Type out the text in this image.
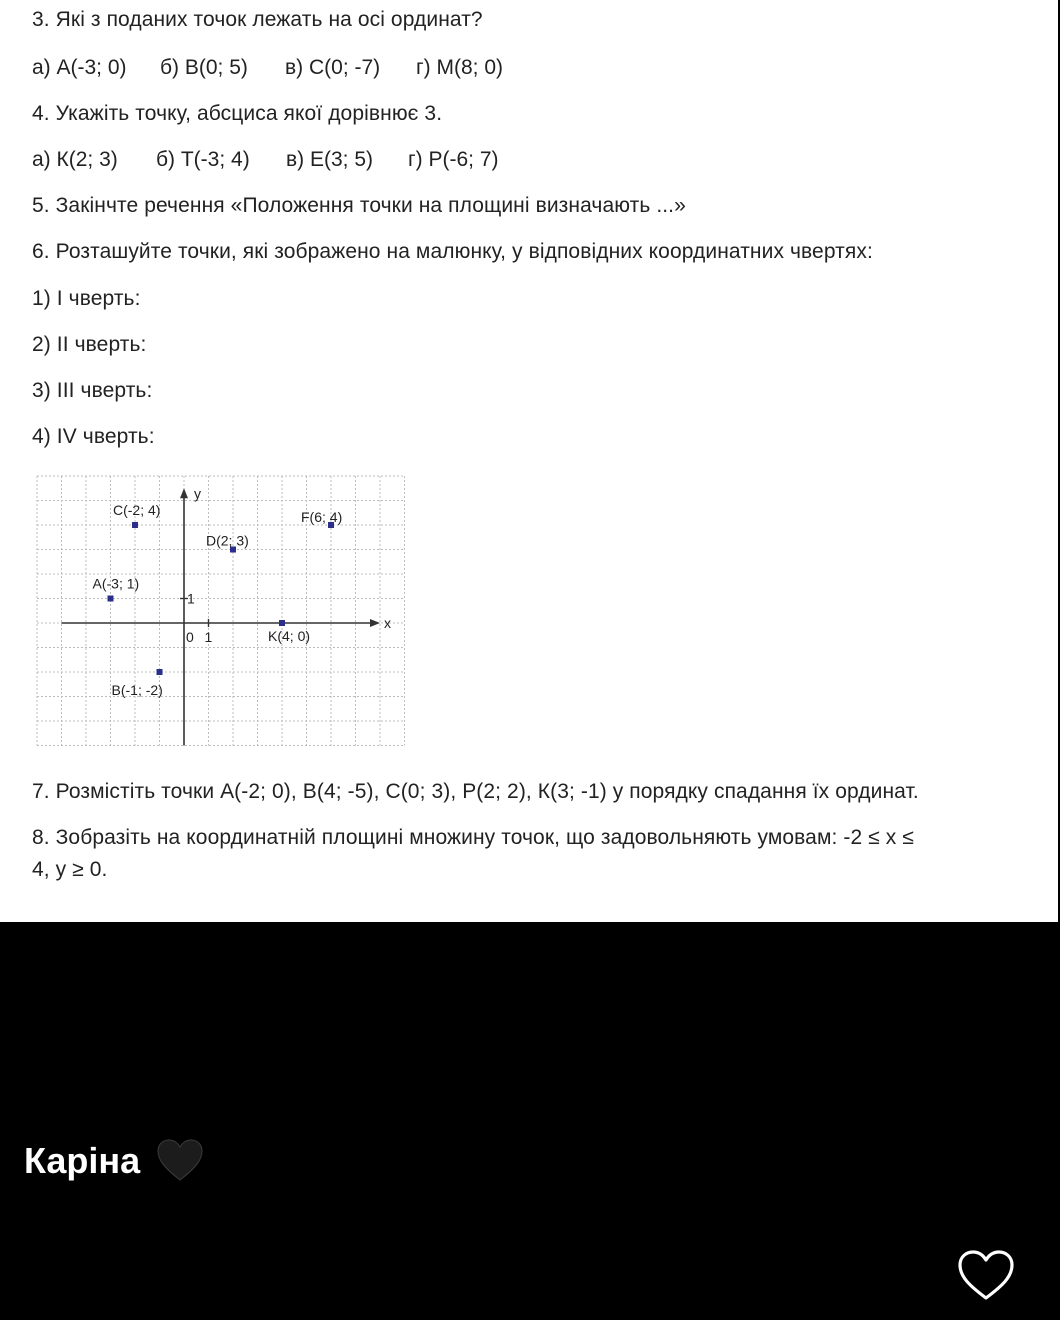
3. Які з поданих точок лежать на осі ординат?
а) А(-3; 0) б) В(0; 5) в) С(0; -7) г) М(8; 0)
4. Укажіть точку, абсциса якої дорівнює 3.
а) К(2; 3) б) Т(-3; 4) в) Е(3; 5) г) Р(-6; 7)
5. Закінчте речення «Положення точки на площині визначають ...»
6. Розташуйте точки, які зображено на малюнку, у відповідних координатних чвертях:
1) І чверть:
2) ІІ чверть:
3) ІІІ чверть:
4) ІV чверть:
x
y
0 1
1
C(-2; 4)	F(6; 4)
D(2; 3)
A(-3; 1)
K(4; 0)
B(-1; -2)
7. Розмістіть точки А(-2; 0), В(4; -5), С(0; 3), Р(2; 2), К(3; -1) у порядку спадання їх ординат.
8. Зобразіть на координатній площині множину точок, що задовольняють умовам: -2 ≤ х ≤
4, у ≥ 0.
Каріна
